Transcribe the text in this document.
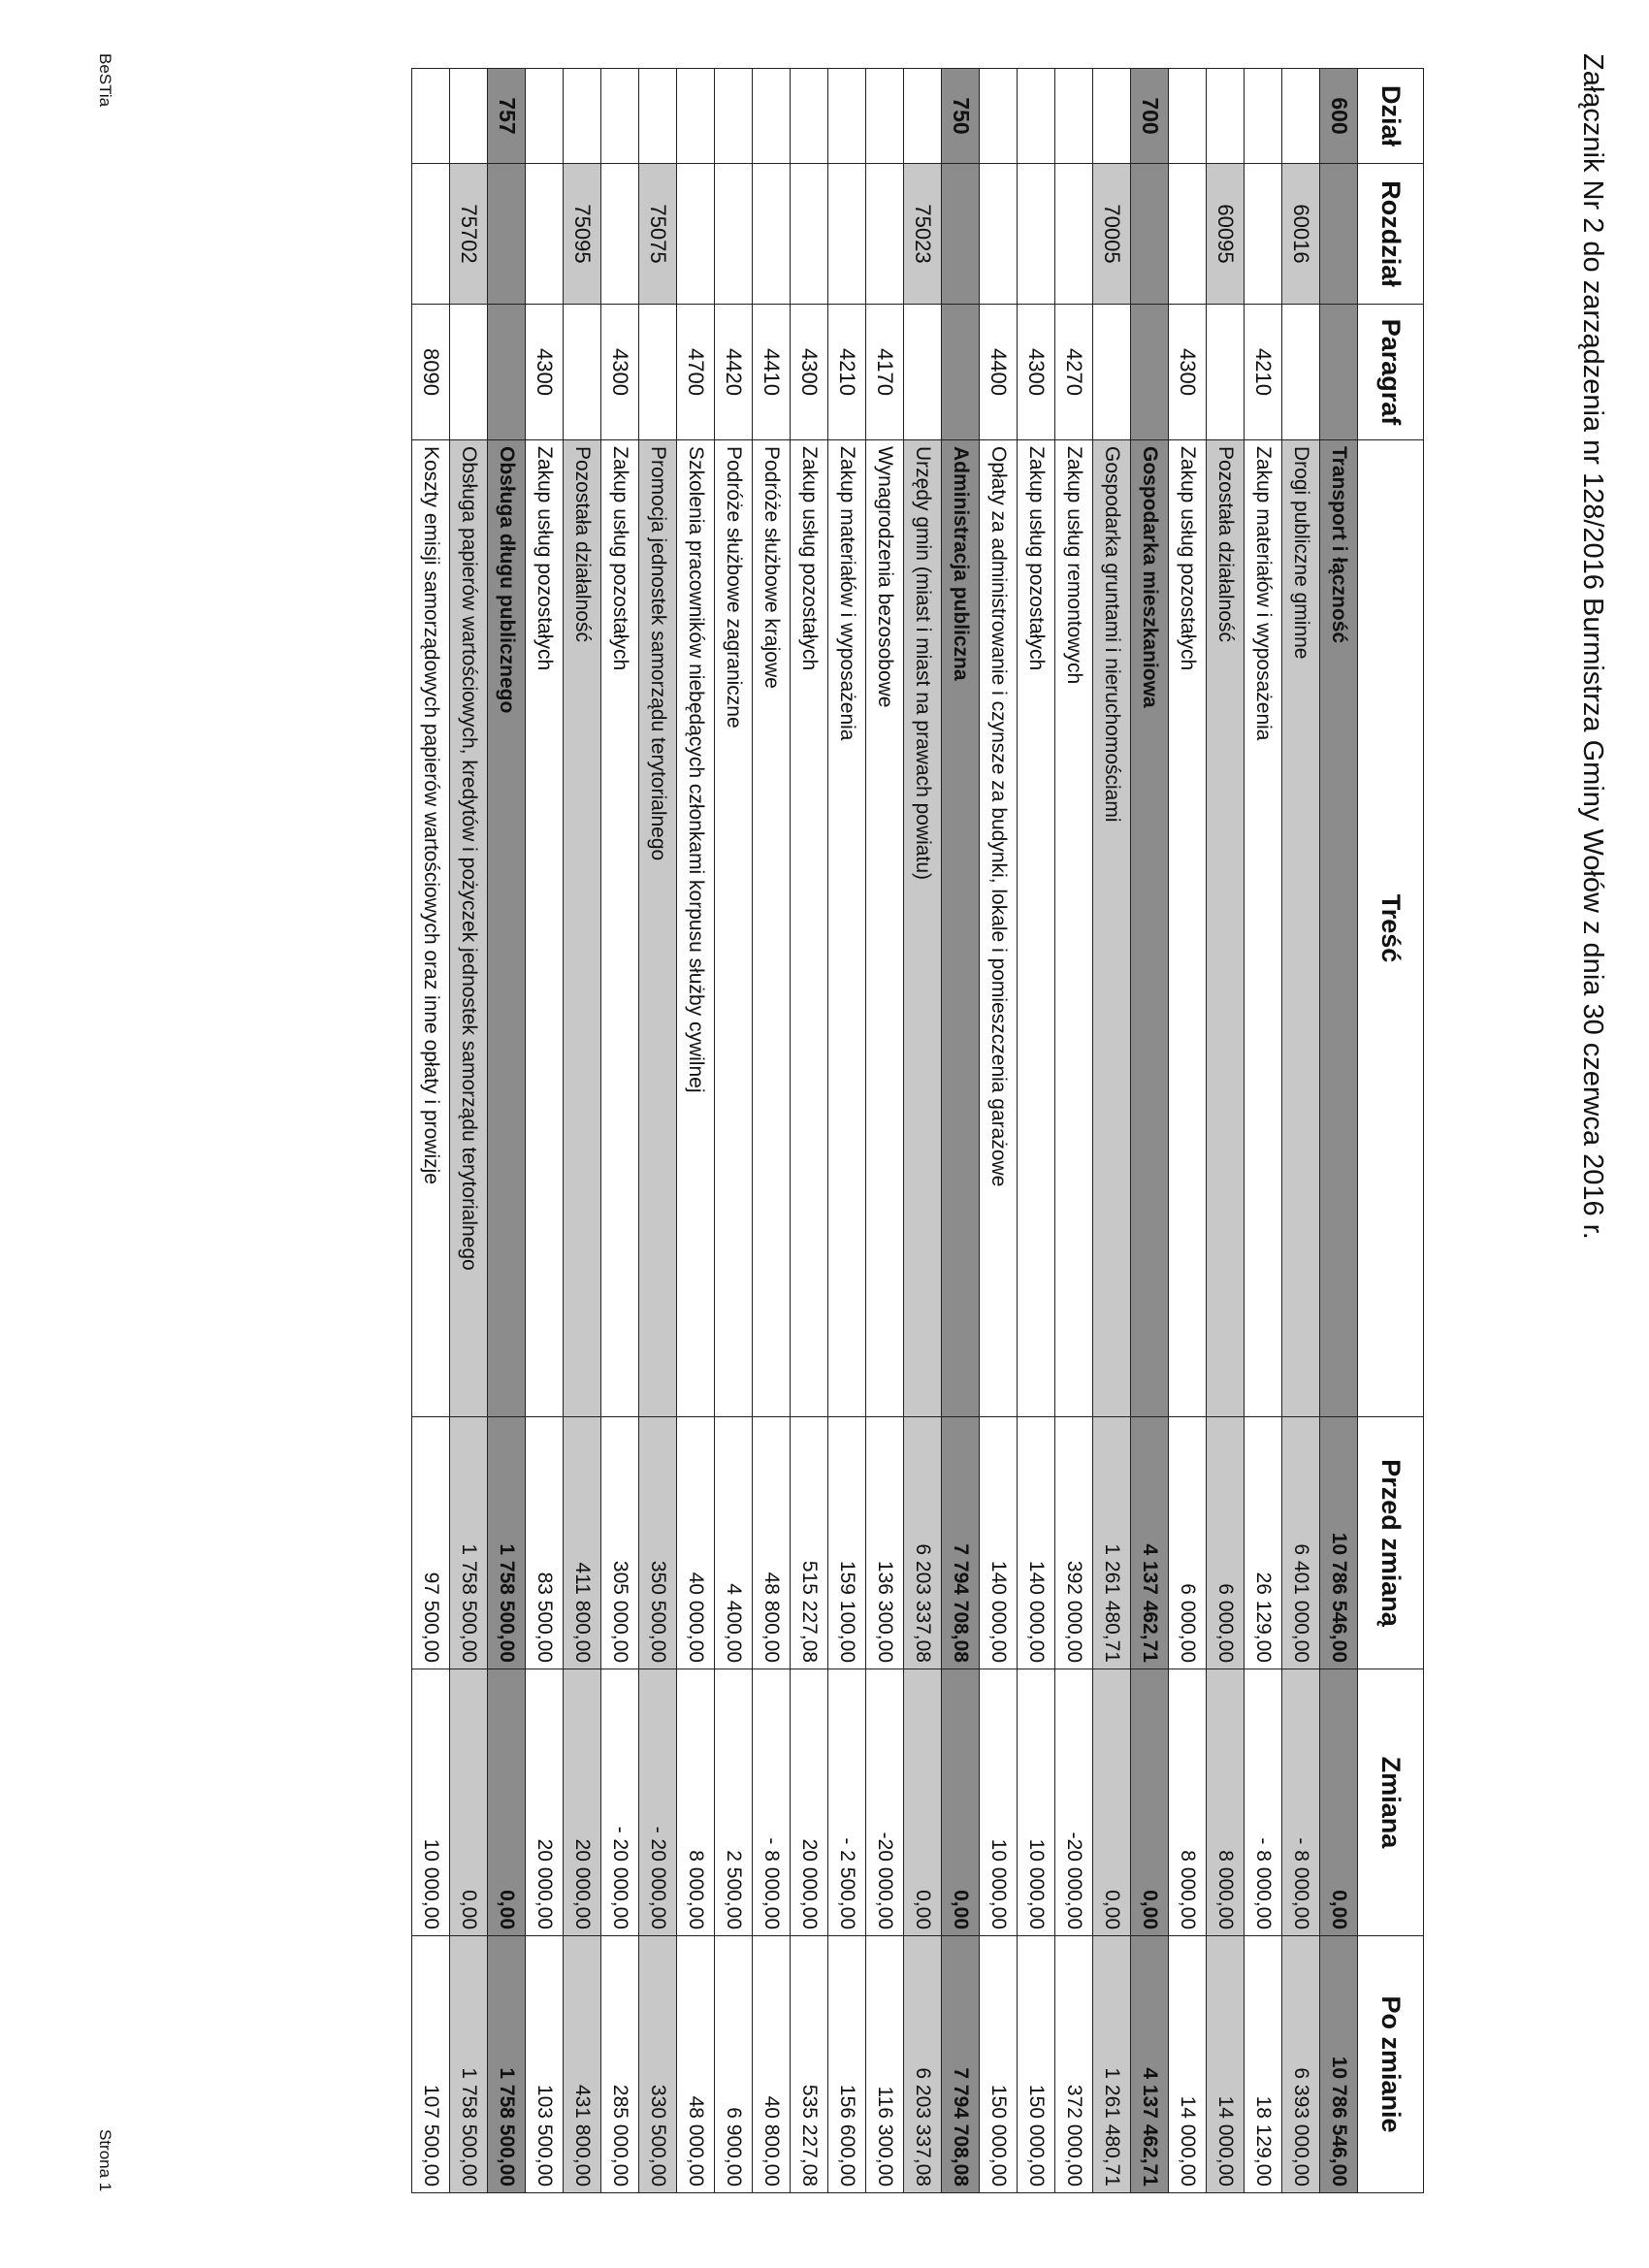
Załącznik Nr 2 do zarządzenia nr 128/2016 Burmistrza Gminy Wołów z dnia 30 czerwca 2016 r.
Dział	Rozdział	Paragraf	Treść	Przed zmianą	Zmiana	Po zmianie
600			Transport i łączność	10 786 546,00	0,00	10 786 546,00
	60016		Drogi publiczne gminne	6 401 000,00	- 8 000,00	6 393 000,00
		4210	Zakup materiałów i wyposażenia	26 129,00	- 8 000,00	18 129,00
	60095		Pozostała działalność	6 000,00	8 000,00	14 000,00
		4300	Zakup usług pozostałych	6 000,00	8 000,00	14 000,00
700			Gospodarka mieszkaniowa	4 137 462,71	0,00	4 137 462,71
	70005		Gospodarka gruntami i nieruchomościami	1 261 480,71	0,00	1 261 480,71
		4270	Zakup usług remontowych	392 000,00	-20 000,00	372 000,00
		4300	Zakup usług pozostałych	140 000,00	10 000,00	150 000,00
		4400	Opłaty za administrowanie i czynsze za budynki, lokale i pomieszczenia garażowe	140 000,00	10 000,00	150 000,00
750			Administracja publiczna	7 794 708,08	0,00	7 794 708,08
	75023		Urzędy gmin (miast i miast na prawach powiatu)	6 203 337,08	0,00	6 203 337,08
		4170	Wynagrodzenia bezosobowe	136 300,00	-20 000,00	116 300,00
		4210	Zakup materiałów i wyposażenia	159 100,00	- 2 500,00	156 600,00
		4300	Zakup usług pozostałych	515 227,08	20 000,00	535 227,08
		4410	Podróże służbowe krajowe	48 800,00	- 8 000,00	40 800,00
		4420	Podróże służbowe zagraniczne	4 400,00	2 500,00	6 900,00
		4700	Szkolenia pracowników niebędących członkami korpusu służby cywilnej	40 000,00	8 000,00	48 000,00
	75075		Promocja jednostek samorządu terytorialnego	350 500,00	- 20 000,00	330 500,00
		4300	Zakup usług pozostałych	305 000,00	- 20 000,00	285 000,00
	75095		Pozostała działalność	411 800,00	20 000,00	431 800,00
		4300	Zakup usług pozostałych	83 500,00	20 000,00	103 500,00
757			Obsługa długu publicznego	1 758 500,00	0,00	1 758 500,00
	75702		Obsługa papierów wartościowych, kredytów i pożyczek jednostek samorządu terytorialnego	1 758 500,00	0,00	1 758 500,00
		8090	Koszty emisji samorządowych papierów wartościowych oraz inne opłaty i prowizje	97 500,00	10 000,00	107 500,00
BeSTia
Strona 1
